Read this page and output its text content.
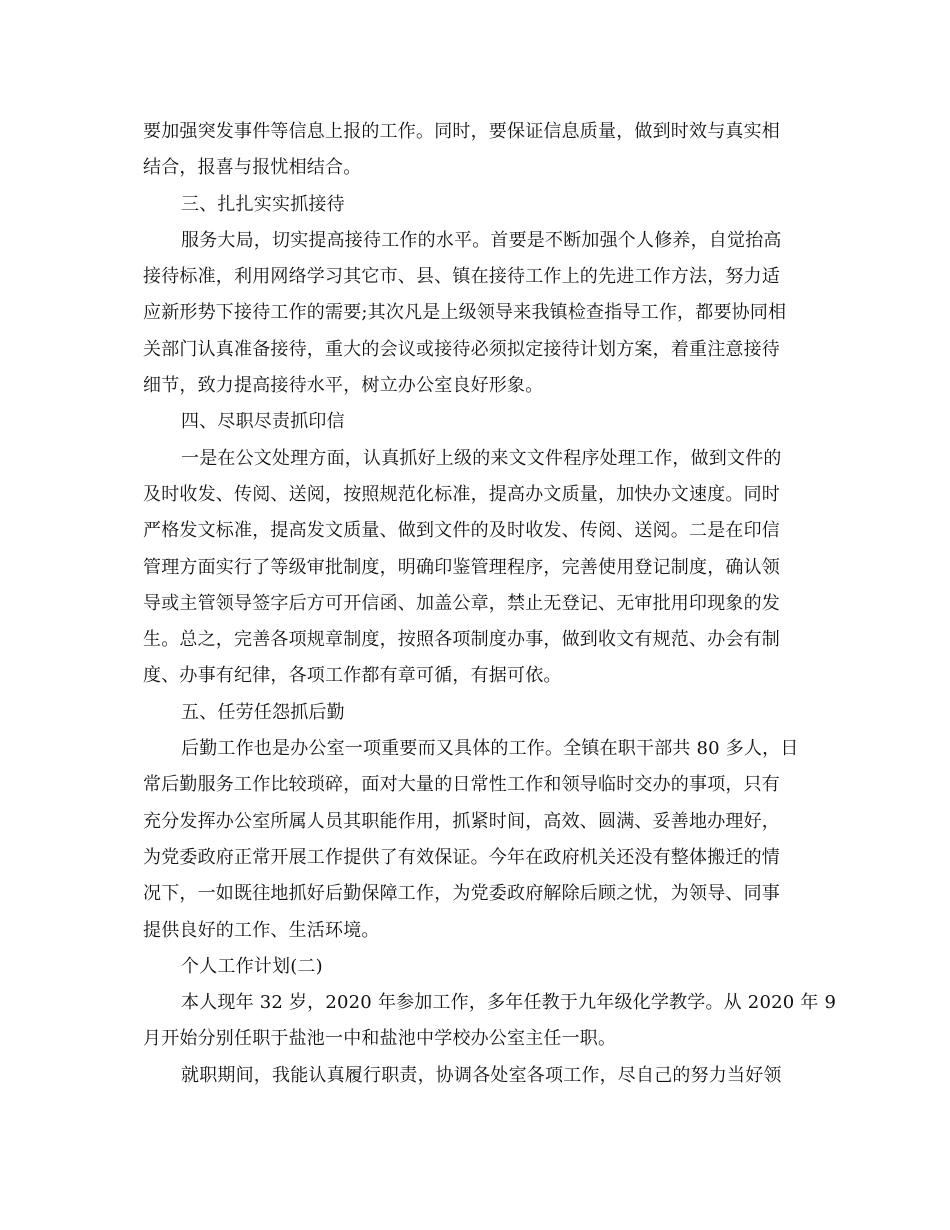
要加强突发事件等信息上报的工作。同时，要保证信息质量，做到时效与真实相
结合，报喜与报忧相结合。
三、扎扎实实抓接待
服务大局，切实提高接待工作的水平。首要是不断加强个人修养，自觉抬高
接待标准，利用网络学习其它市、县、镇在接待工作上的先进工作方法，努力适
应新形势下接待工作的需要;其次凡是上级领导来我镇检查指导工作，都要协同相
关部门认真准备接待，重大的会议或接待必须拟定接待计划方案，着重注意接待
细节，致力提高接待水平，树立办公室良好形象。
四、尽职尽责抓印信
一是在公文处理方面，认真抓好上级的来文文件程序处理工作，做到文件的
及时收发、传阅、送阅，按照规范化标准，提高办文质量，加快办文速度。同时
严格发文标准，提高发文质量、做到文件的及时收发、传阅、送阅。二是在印信
管理方面实行了等级审批制度，明确印鉴管理程序，完善使用登记制度，确认领
导或主管领导签字后方可开信函、加盖公章，禁止无登记、无审批用印现象的发
生。总之，完善各项规章制度，按照各项制度办事，做到收文有规范、办会有制
度、办事有纪律，各项工作都有章可循，有据可依。
五、任劳任怨抓后勤
后勤工作也是办公室一项重要而又具体的工作。全镇在职干部共 80 多人，日
常后勤服务工作比较琐碎，面对大量的日常性工作和领导临时交办的事项，只有
充分发挥办公室所属人员其职能作用，抓紧时间，高效、圆满、妥善地办理好，
为党委政府正常开展工作提供了有效保证。今年在政府机关还没有整体搬迁的情
况下，一如既往地抓好后勤保障工作，为党委政府解除后顾之忧，为领导、同事
提供良好的工作、生活环境。
个人工作计划(二)
本人现年 32 岁，2020 年参加工作，多年任教于九年级化学教学。从 2020 年 9
月开始分别任职于盐池一中和盐池中学校办公室主任一职。
就职期间，我能认真履行职责，协调各处室各项工作，尽自己的努力当好领
